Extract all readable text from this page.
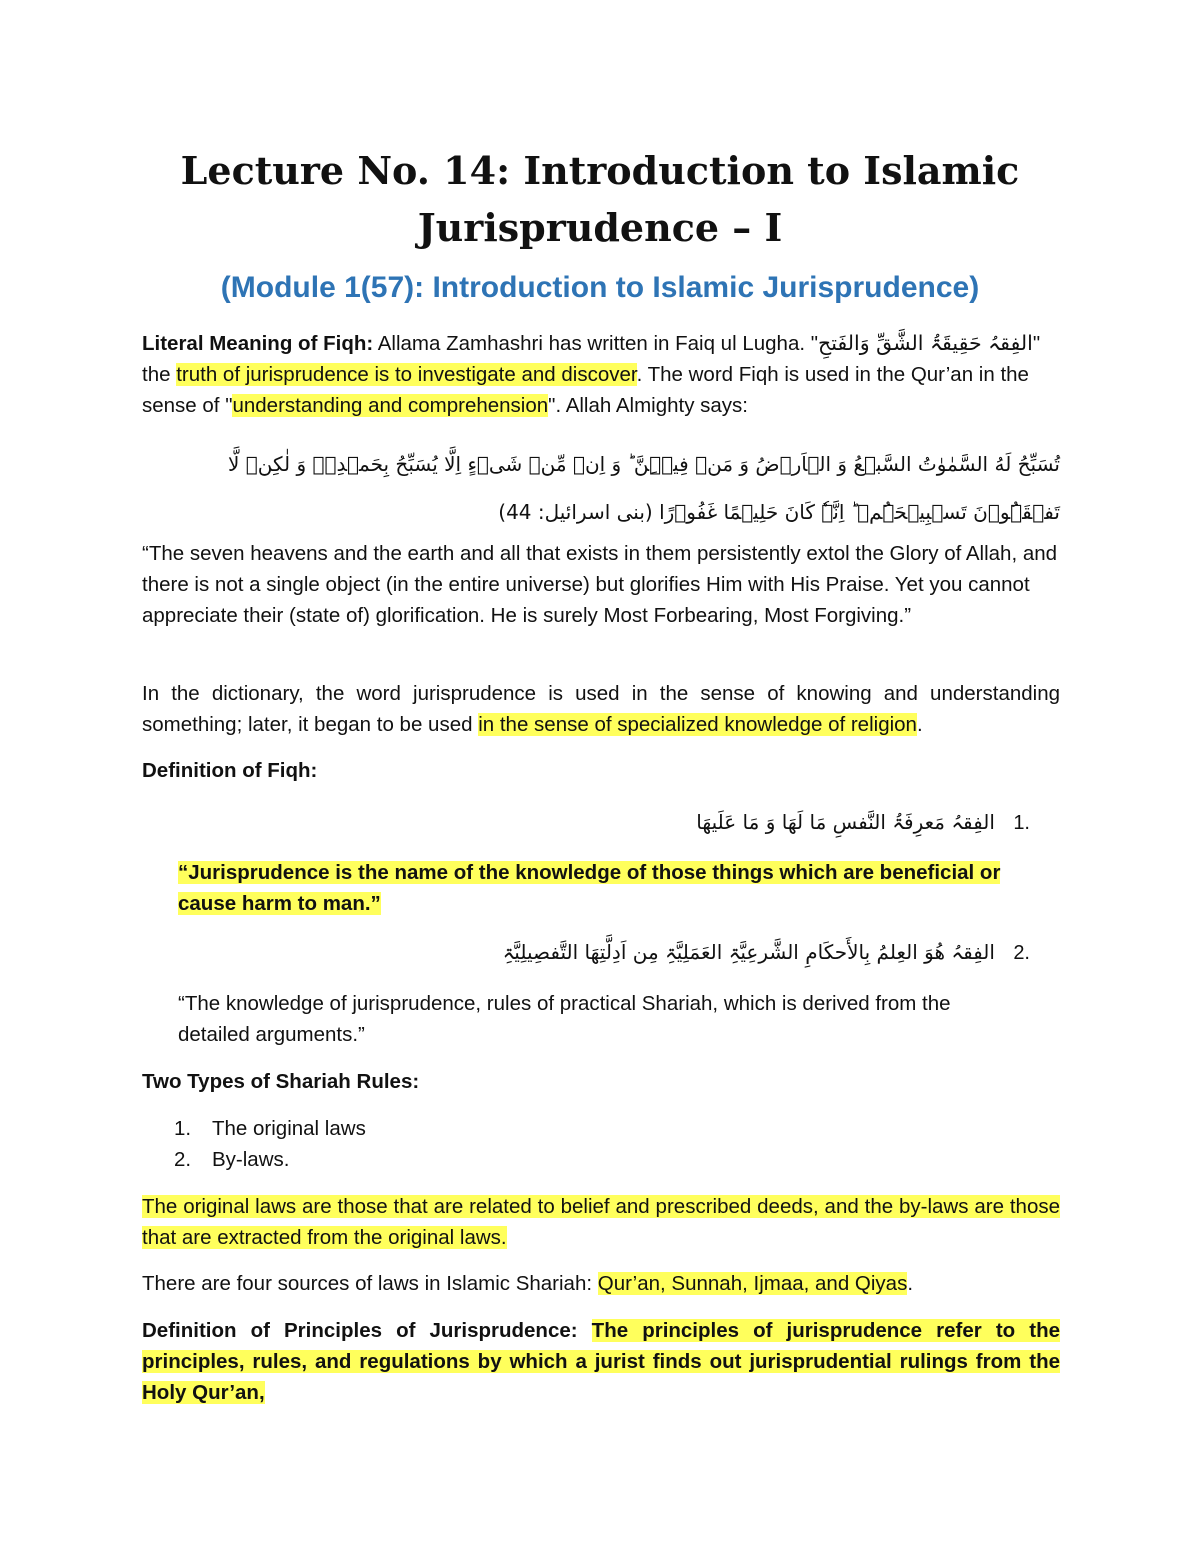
Lecture No. 14: Introduction to Islamic
Jurisprudence – I
(Module 1(57): Introduction to Islamic Jurisprudence)
Literal Meaning of Fiqh: Allama Zamhashri has written in Faiq ul Lugha. "الفِقہُ حَقِیقَۃُ الشَّقِّ وَالفَتحِ"
the truth of jurisprudence is to investigate and discover. The word Fiqh is used in the Qur’an in the sense of "understanding and comprehension". Allah Almighty says:
تُسَبِّحُ لَهُ السَّمٰوٰتُ السَّبۡعُ وَ الۡاَرۡضُ وَ مَنۡ فِیۡہِنَّ ؕ وَ اِنۡ مِّنۡ شَیۡءٍ اِلَّا یُسَبِّحُ بِحَمۡدِہٖ وَ لٰکِنۡ لَّا تَفۡقَہُوۡنَ تَسۡبِیۡحَہُمۡ ؕ اِنَّہٗ کَانَ حَلِیۡمًا غَفُوۡرًا (بنی اسرائیل: 44)
“The seven heavens and the earth and all that exists in them persistently extol the Glory of Allah, and there is not a single object (in the entire universe) but glorifies Him with His Praise. Yet you cannot appreciate their (state of) glorification. He is surely Most Forbearing, Most Forgiving.”
In the dictionary, the word jurisprudence is used in the sense of knowing and understanding something; later, it began to be used in the sense of specialized knowledge of religion.
Definition of Fiqh:
1. الفِقہُ مَعرِفَۃُ النَّفسِ مَا لَھَا وَ مَا عَلَیھَا
“Jurisprudence is the name of the knowledge of those things which are beneficial or cause harm to man.”
2. الفِقہُ ھُوَ العِلمُ بِالأَحکَامِ الشَّرعِیَّۃِ العَمَلِیَّۃِ مِن اَدِلَّتِھَا التَّفصِیلِیَّۃِ
“The knowledge of jurisprudence, rules of practical Shariah, which is derived from the detailed arguments.”
Two Types of Shariah Rules:
1. The original laws
2. By-laws.
The original laws are those that are related to belief and prescribed deeds, and the by-laws are those that are extracted from the original laws.
There are four sources of laws in Islamic Shariah: Qur’an, Sunnah, Ijmaa, and Qiyas.
Definition of Principles of Jurisprudence: The principles of jurisprudence refer to the principles, rules, and regulations by which a jurist finds out jurisprudential rulings from the Holy Qur’an,
